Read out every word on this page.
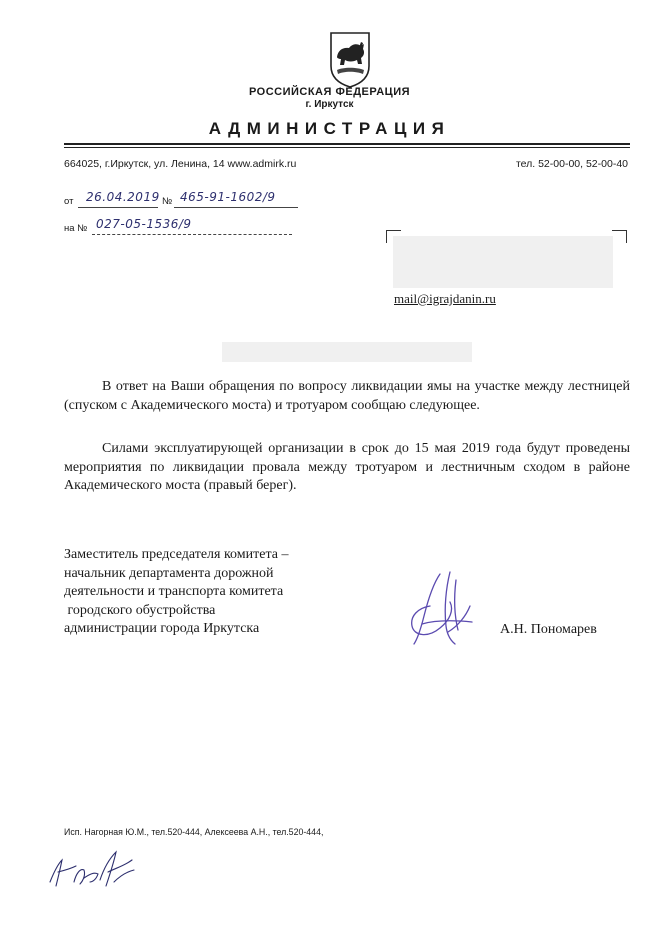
РОССИЙСКАЯ ФЕДЕРАЦИЯ
г. Иркутск
АДМИНИСТРАЦИЯ
664025, г.Иркутск, ул. Ленина, 14 www.admirk.ru	тел. 52-00-00, 52-00-40
от 26.04.2019 № 465-91-1602/9
на № 027-05-1536/9
mail@igrajdanin.ru

В ответ на Ваши обращения по вопросу ликвидации ямы на участке между лестницей (спуском с Академического моста) и тротуаром сообщаю следующее.

Силами эксплуатирующей организации в срок до 15 мая 2019 года будут проведены мероприятия по ликвидации провала между тротуаром и лестничным сходом в районе Академического моста (правый берег).

Заместитель председателя комитета –
начальник департамента дорожной
деятельности и транспорта комитета
городского обустройства
администрации города Иркутска	А.Н. Пономарев
Исп. Нагорная Ю.М., тел.520-444, Алексеева А.Н., тел.520-444,
